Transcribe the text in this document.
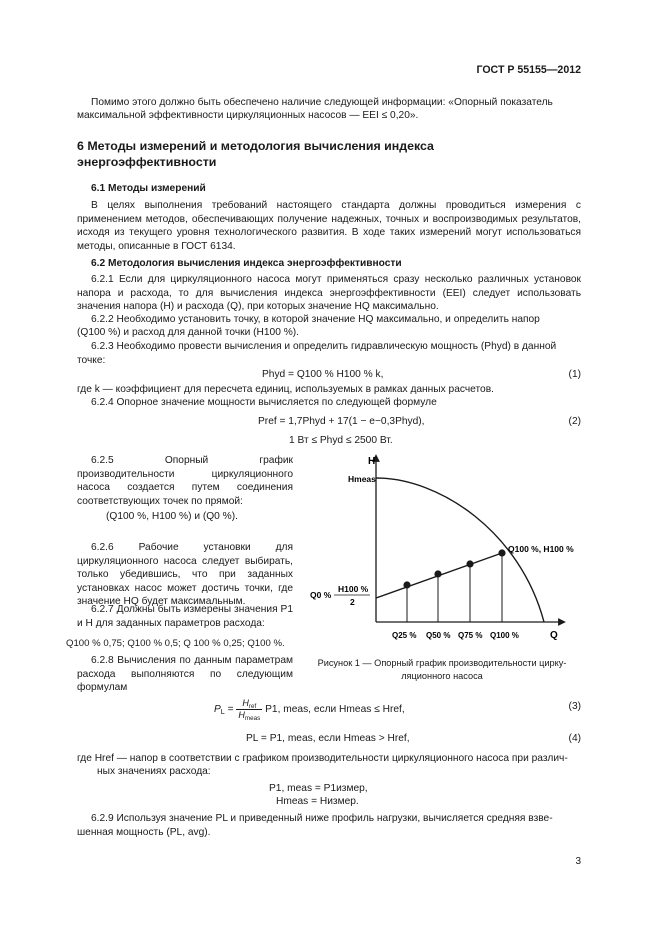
ГОСТ Р 55155—2012
Помимо этого должно быть обеспечено наличие следующей информации: «Опорный показатель
максимальной эффективности циркуляционных насосов — EEI ≤ 0,20».
6 Методы измерений и методология вычисления индекса
энергоэффективности
6.1 Методы измерений
В целях выполнения требований настоящего стандарта должны проводиться измерения с применением методов, обеспечивающих получение надежных, точных и воспроизводимых результатов, исходя из текущего уровня технологического развития. В ходе таких измерений могут использоваться методы, описанные в ГОСТ 6134.
6.2 Методология вычисления индекса энергоэффективности
6.2.1 Если для циркуляционного насоса могут применяться сразу несколько различных установок напора и расхода, то для вычисления индекса энергоэффективности (EEI) следует использовать значения напора (H) и расхода (Q), при которых значение HQ максимально.
6.2.2 Необходимо установить точку, в которой значение HQ максимально, и определить напор
(Q100 %) и расход для данной точки (H100 %).
6.2.3 Необходимо провести вычисления и определить гидравлическую мощность (Phyd) в данной
точке:
Phyd = Q100 % H100 % k,	(1)
где k — коэффициент для пересчета единиц, используемых в рамках данных расчетов.
6.2.4 Опорное значение мощности вычисляется по следующей формуле
Pref = 1,7Phyd + 17(1 − e−0,3Phyd),	(2)
1 Вт ≤ Phyd ≤ 2500 Вт.
6.2.5 Опорный график производительности циркуляционного насоса создается путем соединения соответствующих точек по прямой:
(Q100 %, H100 %) и (Q0 %).
6.2.6 Рабочие установки для циркуляционного насоса следует выбирать, только убедившись, что при заданных установках насос может достичь точки, где значение HQ будет максимальным.
6.2.7 Должны быть измерены значения P1 и H для заданных параметров расхода:
Q100 % 0,75; Q100 % 0,5; Q 100 % 0,25; Q100 %.
6.2.8 Вычисления по данным параметрам расхода выполняются по следующим формулам
H
Q
Hmeas
Q0 %
H100 %
2
Q100 %, H100 %
Q25 % Q50 % Q75 % Q100 %
Рисунок 1 — Опорный график производительности цирку-
ляционного насоса
$P_L = \frac{H_{ref}}{H_{meas}} P1$, meas, если Hmeas ≤ Href,	(3)
PL = P1, meas, если Hmeas > Href,	(4)
где Href — напор в соответствии с графиком производительности циркуляционного насоса при различ-
ных значениях расхода:
P1, meas = P1измер,
Hmeas = Hизмер.
6.2.9 Используя значение PL и приведенный ниже профиль нагрузки, вычисляется средняя взве-
шенная мощность (PL, avg).
3
